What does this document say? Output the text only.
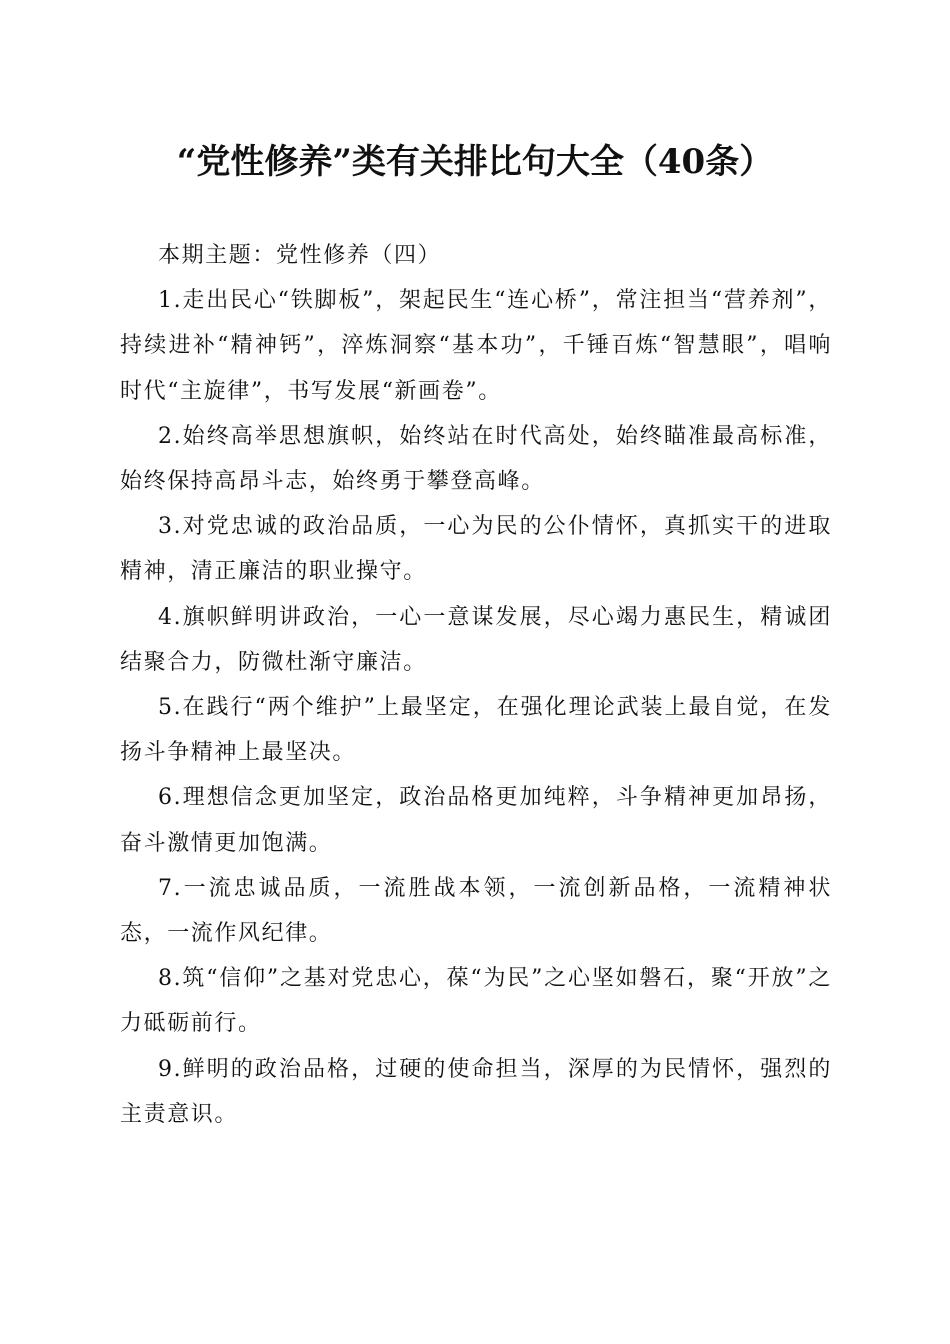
“党性修养”类有关排比句大全（40条）

本期主题：党性修养（四）

1.走出民心“铁脚板”，架起民生“连心桥”，常注担当“营养剂”，持续进补“精神钙”，淬炼洞察“基本功”，千锤百炼“智慧眼”，唱响时代“主旋律”，书写发展“新画卷”。

2.始终高举思想旗帜，始终站在时代高处，始终瞄准最高标准，始终保持高昂斗志，始终勇于攀登高峰。

3.对党忠诚的政治品质，一心为民的公仆情怀，真抓实干的进取精神，清正廉洁的职业操守。

4.旗帜鲜明讲政治，一心一意谋发展，尽心竭力惠民生，精诚团结聚合力，防微杜渐守廉洁。

5.在践行“两个维护”上最坚定，在强化理论武装上最自觉，在发扬斗争精神上最坚决。

6.理想信念更加坚定，政治品格更加纯粹，斗争精神更加昂扬，奋斗激情更加饱满。

7.一流忠诚品质，一流胜战本领，一流创新品格，一流精神状态，一流作风纪律。

8.筑“信仰”之基对党忠心，葆“为民”之心坚如磐石，聚“开放”之力砥砺前行。

9.鲜明的政治品格，过硬的使命担当，深厚的为民情怀，强烈的主责意识。
